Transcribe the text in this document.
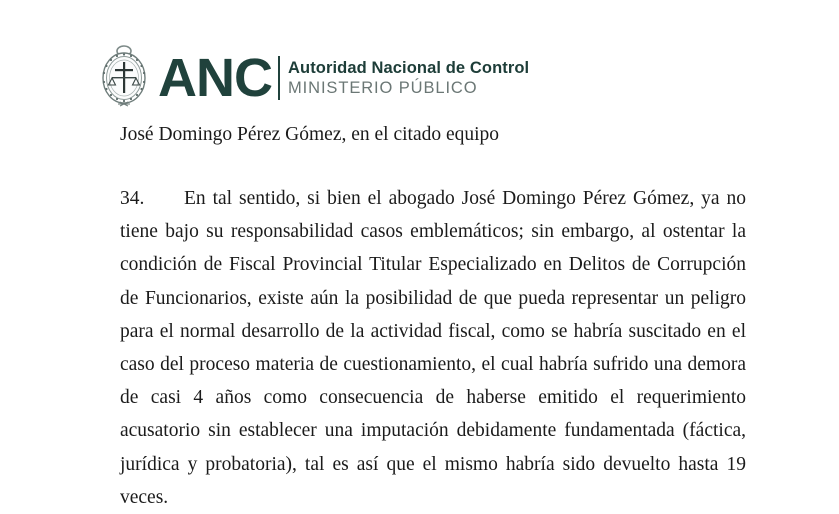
ANC Autoridad Nacional de Control
MINISTERIO PÚBLICO

José Domingo Pérez Gómez, en el citado equipo

34. En tal sentido, si bien el abogado José Domingo Pérez Gómez, ya no tiene bajo su responsabilidad casos emblemáticos; sin embargo, al ostentar la condición de Fiscal Provincial Titular Especializado en Delitos de Corrupción de Funcionarios, existe aún la posibilidad de que pueda representar un peligro para el normal desarrollo de la actividad fiscal, como se habría suscitado en el caso del proceso materia de cuestionamiento, el cual habría sufrido una demora de casi 4 años como consecuencia de haberse emitido el requerimiento acusatorio sin establecer una imputación debidamente fundamentada (fáctica, jurídica y probatoria), tal es así que el mismo habría sido devuelto hasta 19 veces.
